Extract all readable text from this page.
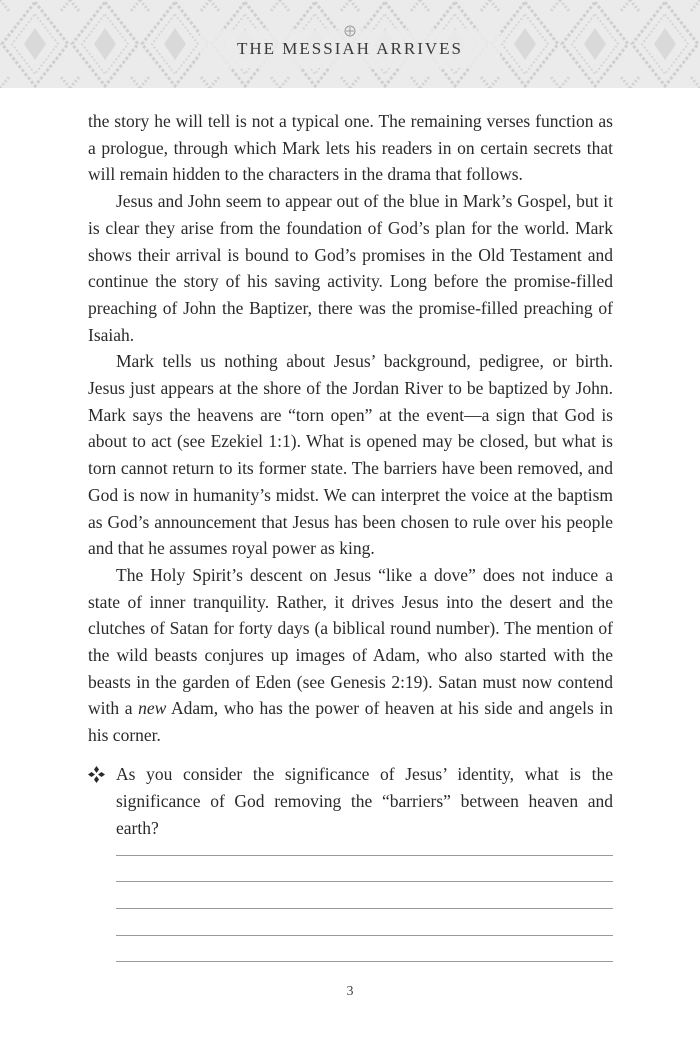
THE MESSIAH ARRIVES

the story he will tell is not a typical one. The remaining verses function as a prologue, through which Mark lets his readers in on certain secrets that will remain hidden to the characters in the drama that follows.

Jesus and John seem to appear out of the blue in Mark’s Gospel, but it is clear they arise from the foundation of God’s plan for the world. Mark shows their arrival is bound to God’s promises in the Old Testament and continue the story of his saving activity. Long before the promise-filled preaching of John the Baptizer, there was the promise-filled preaching of Isaiah.

Mark tells us nothing about Jesus’ background, pedigree, or birth. Jesus just appears at the shore of the Jordan River to be baptized by John. Mark says the heavens are “torn open” at the event—a sign that God is about to act (see Ezekiel 1:1). What is opened may be closed, but what is torn cannot return to its former state. The barriers have been removed, and God is now in humanity’s midst. We can interpret the voice at the baptism as God’s announcement that Jesus has been chosen to rule over his people and that he assumes royal power as king.

The Holy Spirit’s descent on Jesus “like a dove” does not induce a state of inner tranquility. Rather, it drives Jesus into the desert and the clutches of Satan for forty days (a biblical round number). The mention of the wild beasts conjures up images of Adam, who also started with the beasts in the garden of Eden (see Genesis 2:19). Satan must now contend with a new Adam, who has the power of heaven at his side and angels in his corner.

As you consider the significance of Jesus’ identity, what is the significance of God removing the “barriers” between heaven and earth?
3
